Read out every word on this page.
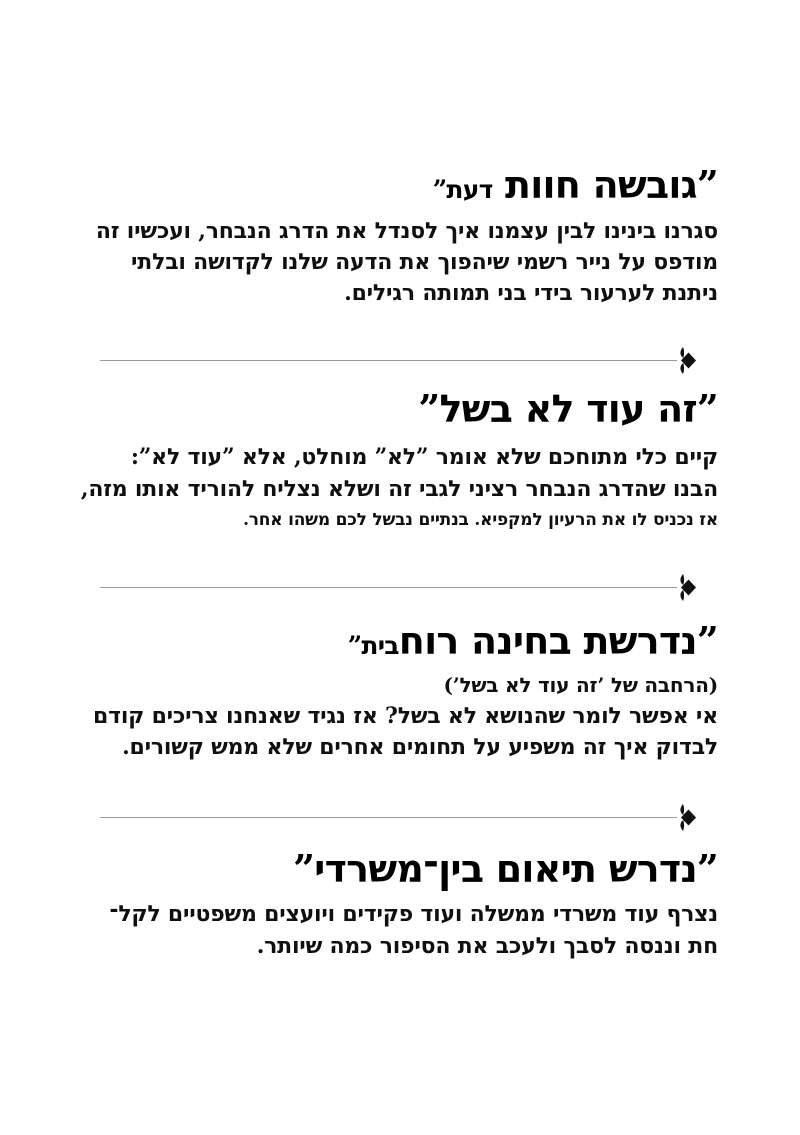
”גובשה חוות דעת”
סגרנו בינינו לבין עצמנו איך לסנדל את הדרג הנבחר, ועכשיו זה
מודפס על נייר רשמי שיהפוך את הדעה שלנו לקדושה ובלתי
ניתנת לערעור בידי בני תמותה רגילים.
”זה עוד לא בשל”
קיים כלי מתוחכם שלא אומר ”לא” מוחלט, אלא ”עוד לא”:
הבנו שהדרג הנבחר רציני לגבי זה ושלא נצליח להוריד אותו מזה,
אז נכניס לו את הרעיון למקפיא. בנתיים נבשל לכם משהו אחר.
”נדרשת בחינה רוחבית”
(הרחבה של ’זה עוד לא בשל’)
אי אפשר לומר שהנושא לא בשל? אז נגיד שאנחנו צריכים קודם
לבדוק איך זה משפיע על תחומים אחרים שלא ממש קשורים.
”נדרש תיאום בין־משרדי”
נצרף עוד משרדי ממשלה ועוד פקידים ויועצים משפטיים לקל־
חת וננסה לסבך ולעכב את הסיפור כמה שיותר.
